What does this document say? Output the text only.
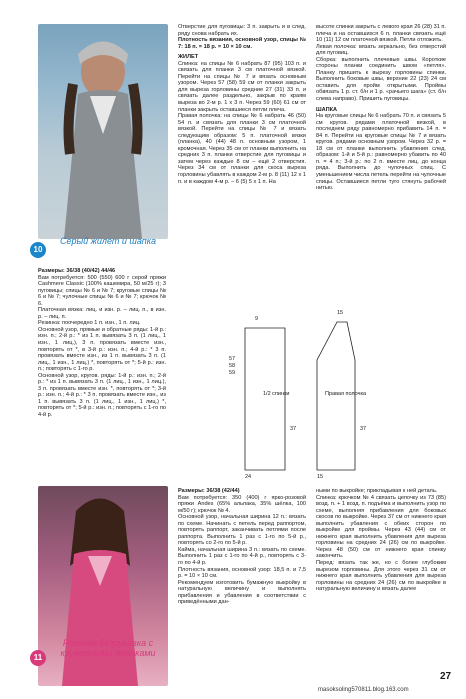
10
Серый жилет и шапка

Размеры: 36/38 (40/42) 44/46

Вам потребуется: 500 (550) 600 г серой пряжи Cashmere Classic (100% кашемира, 50 м/25 г); 3 пуговицы; спицы № 6 и № 7; круговые спицы № 6 и № 7; чулочные спицы № 6 и № 7; крючок № 6.

Платочная вязка: лиц. и изн. р. – лиц. п., в изн. р. – лиц. п.

Резинка: поочередно 1 п. изн., 1 п. лиц.

Основной узор, прямые и обратные ряды: 1-й р.: изн. п.; 2-й р.: * из 1 п. вывязать 3 п. (1 лиц., 1 изн., 1 лиц.), 3 п. провязать вместе изн., повторять от *, в 3-й р.: изн. п.; 4-й р.: * 3 п. провязать вместе изн., из 1 п. вывязать 3 п. (1 лиц., 1 изн., 1 лиц.) *, повторять от *; 5-й р.: изн. п.; повторять с 1-го р.

Основной узор, кругов. ряды: 1-й р.: изн. п.; 2-й р.: * из 1 п. вывязать 3 п. (1 лиц., 1 изн., 1 лиц.), 3 п. провязать вместе изн. *, повторять от *; 3-й р.: изн. п.; 4-й р.: * 3 п. провязать вместе изн., из 1 п. вывязать 3 п. (1 лиц., 1 изн., 1 лиц.) *, повторять от *; 5-й р.: изн. п.; повторять с 1-го по 4-й р.

Отверстие для пуговицы: 3 п. закрыть и в след. ряду снова набрать их.

Плотность вязания, основной узор, спицы № 7: 18 п. = 18 р. = 10 × 10 см.

ЖИЛЕТ

Спинка: на спицы № 6 набрать 87 (95) 103 п. и связать для планки 3 см платочной вязкой. Перейти на спицы № 7 и вязать основным узором. Через 57 (58) 59 см от планки закрыть для выреза горловины средние 27 (31) 33 п. и связать далее раздельно, закрыв по краям выреза во 2-м р. 1 х 3 п. Через 59 (60) 61 см от планки закрыть оставшиеся петли плеча.

Правая полочка: на спицы № 6 набрать 46 (50) 54 п. и связать для планки 3 см платочной вязкой. Перейти на спицы № 7 и вязать следующим образом: 5 п. платочной вязки (планка), 40 (44) 48 п. основным узором, 1 кромочная. Через 35 см от планки выполнить на средних 3 п. планки отверстие для пуговицы и затем через каждые 8 см – ещё 2 отверстия. Через 34 см от планки для скоса выреза горловины убавлять в каждом 2-м р. 8 (11) 12 х 1 п. и в каждом 4-м р. – 6 (5) 5 х 1 п. На

высоте спинки закрыть с левого края 26 (28) 31 п. плеча и на оставшихся 6 п. планки связать ещё 10 (11) 12 см платочной вязкой. Петли отложить.

Левая полочка: вязать зеркально, без отверстий для пуговиц.

Сборка: выполнить плечевые швы. Короткие стороны планки соединить швом «петля». Планку пришить к вырезу горловины спинки. Выполнить боковые швы, верхние 22 (23) 24 см оставить для пройм открытыми. Проймы обвязать 1 р. ст. б/н и 1 р. «рачьего шага» (ст. б/н слева направо). Пришить пуговицы.

ШАПКА

На круговые спицы № 6 набрать 70 п. и связать 5 см кругов. рядами платочной вязкой, в последнем ряду равномерно прибавить 14 п. = 84 п. Перейти на круговые спицы № 7 и вязать кругов. рядами основным узором. Через 32 р. = 18 см от планки выполнить убавления след. образом: 1-й и 5-й р.: равномерно убавить по 40 п. = 4 п.; 3-й р.: по 2 п. вместе лиц. до конца ряда. Выполнить до чулочных спиц. С уменьшением числа петель перейти на чулочные спицы. Оставшиеся петли туго стянуть рабочей нитью.

1/2 спинки	Правая полочка
57
58
59
37	37
24	15
9
15
11
Розовая безрукавка с кружевными планками

Размеры: 36/38 (42/44)

Вам потребуется: 350 (400) г ярко-розовой пряжи Andes (65% альпака, 35% шёлка, 100 м/50 г); крючок № 4.

Основной узор, начальная ширина 12 п.: вязать по схеме. Начинать с петель перед раппортом, повторять раппорт, заканчивать петлями после раппорта. Выполнить 1 раз с 1-го по 5-й р., повторять со 2-го по 5-й р.

Кайма, начальная ширина 3 п.: вязать по схеме. Выполнить 1 раз с 1-го по 4-й р., повторять с 3-го по 4-й р.

Плотность вязания, основной узор: 18,5 п. и 7,5 р. = 10 × 10 см.

Рекомендуем изготовить бумажную выкройку в натуральную величину и выполнять прибавления и убавления в соответствии с приведёнными дан-

ными по выкройке; прикладывая к ней деталь.

Спинка: крючком № 4 связать цепочку из 73 (85) возд. п. + 1 возд. п. подъёма и выполнить узор по схеме, выполняя прибавления для боковых скосов по выкройке. Через 37 см от нижнего края выполнить убавления с обеих сторон по выкройке для проймы. Через 43 (44) см от нижнего края выполнить убавления для выреза горловины на средних 24 (26) см по выкройке. Через 48 (50) см от нижнего края спинку закончить.

Перед: вязать так же, но с более глубоким вырезом горловины. Для этого через 31 см от нижнего края выполнить убавления для выреза горловины на средних 24 (26) см по выкройке в натуральную величину и вязать далее

27
masoksoling570811.blog.163.com
